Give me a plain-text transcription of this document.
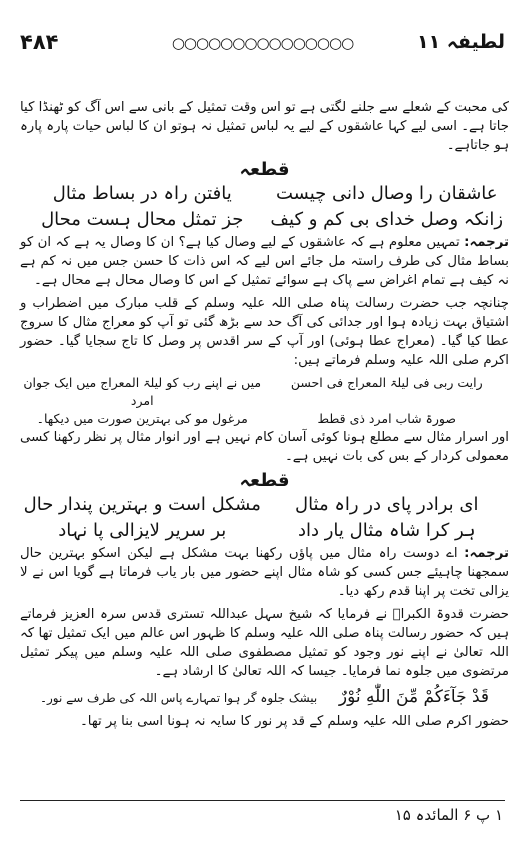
۴۸۴	○○○○○○○○○○○○○○○	لطیفہ ۱۱

کی محبت کے شعلے سے جلنے لگتی ہے تو اس وقت تمثیل کے بانی سے اس آگ کو ٹھنڈا کیا جاتا ہے۔ اسی لیے کہا عاشقوں کے لیے یہ لباس تمثیل نہ ہوتو ان کا لباس حیات پارہ پارہ ہو جاتاہے۔

قطعہ
عاشقان را وصال دانی چیست
یافتن راہ در بساط مثال
زانکہ وصل خدای بی کم و کیف
جز تمثل محال ہست محال

ترجمہ: تمہیں معلوم ہے کہ عاشقوں کے لیے وصال کیا ہے؟ ان کا وصال یہ ہے کہ ان کو بساط مثال کی طرف راستہ مل جائے اس لیے کہ اس ذات کا حسن جس میں نہ کم ہے نہ کیف ہے تمام اغراض سے پاک ہے سوائے تمثیل کے اس کا وصال محال ہے محال ہے۔

چنانچہ جب حضرت رسالت پناہ صلی اللہ علیہ وسلم کے قلب مبارک میں اضطراب و اشتیاق بہت زیادہ ہوا اور جدائی کی آگ حد سے بڑھ گئی تو آپ کو معراج مثال کا سروج عطا کیا گیا۔ (معراج عطا ہوئی) اور آپ کے سر اقدس پر وصل کا تاج سجایا گیا۔ حضور اکرم صلی اللہ علیہ وسلم فرماتے ہیں:

رایت ربی فی لیلۃ المعراج فی احسن
میں نے اپنے رب کو لیلۃ المعراج میں ایک جوان امرد
صورۃ شاب امرد ذی قطط
مرغول مو کی بہترین صورت میں دیکھا۔

اور اسرار مثال سے مطلع ہونا کوئی آسان کام نہیں ہے اور انوار مثال پر نظر رکھنا کسی معمولی کردار کے بس کی بات نہیں ہے۔

قطعہ
ای برادر پای در راہ مثال
مشکل است و بہترین پندار حال
ہر کرا شاہ مثال یار داد
بر سریر لایزالی پا نہاد

ترجمہ: اے دوست راہ مثال میں پاؤں رکھنا بہت مشکل ہے لیکن اسکو بہترین حال سمجھنا چاہیئے جس کسی کو شاہ مثال اپنے حضور میں بار یاب فرماتا ہے گویا اس نے لا یزالی تخت پر اپنا قدم رکھ دیا۔

حضرت قدوۃ الکبراؒ نے فرمایا کہ شیخ سہل عبداللہ تستری قدس سرہ العزیز فرماتے ہیں کہ حضور رسالت پناہ صلی اللہ علیہ وسلم کا ظہور اس عالم میں ایک تمثیل تھا کہ اللہ تعالیٰ نے اپنے نور وجود کو تمثیل مصطفوی صلی اللہ علیہ وسلم میں پیکر تمثیل مرتضوی میں جلوہ نما فرمایا۔ جیسا کہ اللہ تعالیٰ کا ارشاد ہے۔

قَدْ جَآءَكُمْ مِّنَ اللّٰهِ نُوْرٌ    بیشک جلوہ گر ہوا تمہارے پاس اللہ کی طرف سے نور۔

حضور اکرم صلی اللہ علیہ وسلم کے قد پر نور کا سایہ نہ ہونا اسی بنا پر تھا۔

۱ پ ۶ المائدہ ۱۵
